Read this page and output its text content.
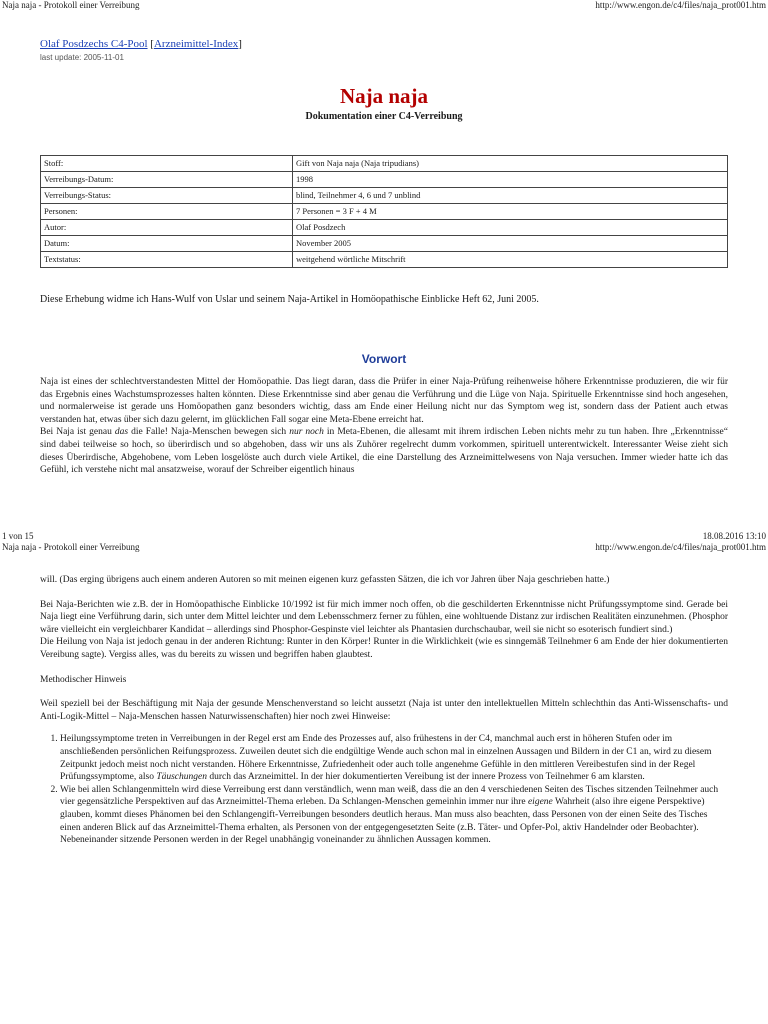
Naja naja - Protokoll einer Verreibung	http://www.engon.de/c4/files/naja_prot001.htm
Olaf Posdzechs C4-Pool [Arzneimittel-Index]
last update: 2005-11-01
Naja naja
Dokumentation einer C4-Verreibung
Stoff:	Gift von Naja naja (Naja tripudians)
Verreibungs-Datum:	1998
Verreibungs-Status:	blind, Teilnehmer 4, 6 und 7 unblind
Personen:	7 Personen = 3 F + 4 M
Autor:	Olaf Posdzech
Datum:	November 2005
Textstatus:	weitgehend wörtliche Mitschrift
Diese Erhebung widme ich Hans-Wulf von Uslar und seinem Naja-Artikel in Homöopathische Einblicke Heft 62, Juni 2005.
Vorwort

Naja ist eines der schlechtverstandesten Mittel der Homöopathie. Das liegt daran, dass die Prüfer in einer Naja-Prüfung reihenweise höhere Erkenntnisse produzieren, die wir für das Ergebnis eines Wachstumsprozesses halten könnten. Diese Erkenntnisse sind aber genau die Verführung und die Lüge von Naja. Spirituelle Erkenntnisse sind hoch angesehen, und normalerweise ist gerade uns Homöopathen ganz besonders wichtig, dass am Ende einer Heilung nicht nur das Symptom weg ist, sondern dass der Patient auch etwas verstanden hat, etwas über sich dazu gelernt, im glücklichen Fall sogar eine Meta-Ebene erreicht hat.

Bei Naja ist genau das die Falle! Naja-Menschen bewegen sich nur noch in Meta-Ebenen, die allesamt mit ihrem irdischen Leben nichts mehr zu tun haben. Ihre „Erkenntnisse“ sind dabei teilweise so hoch, so überirdisch und so abgehoben, dass wir uns als Zuhörer regelrecht dumm vorkommen, spirituell unterentwickelt. Interessanter Weise zieht sich dieses Überirdische, Abgehobene, vom Leben losgelöste auch durch viele Artikel, die eine Darstellung des Arzneimittelwesens von Naja versuchen. Immer wieder hatte ich das Gefühl, ich verstehe nicht mal ansatzweise, worauf der Schreiber eigentlich hinaus

1 von 15	18.08.2016 13:10
Naja naja - Protokoll einer Verreibung	http://www.engon.de/c4/files/naja_prot001.htm

will. (Das erging übrigens auch einem anderen Autoren so mit meinen eigenen kurz gefassten Sätzen, die ich vor Jahren über Naja geschrieben hatte.)

Bei Naja-Berichten wie z.B. der in Homöopathische Einblicke 10/1992 ist für mich immer noch offen, ob die geschilderten Erkenntnisse nicht Prüfungssymptome sind. Gerade bei Naja liegt eine Verführung darin, sich unter dem Mittel leichter und dem Lebensschmerz ferner zu fühlen, eine wohltuende Distanz zur irdischen Realitäten einzunehmen. (Phosphor wäre vielleicht ein vergleichbarer Kandidat – allerdings sind Phosphor-Gespinste viel leichter als Phantasien durchschaubar, weil sie nicht so esoterisch fundiert sind.)

Die Heilung von Naja ist jedoch genau in der anderen Richtung: Runter in den Körper! Runter in die Wirklichkeit (wie es sinngemäß Teilnehmer 6 am Ende der hier dokumentierten Vereibung sagte). Vergiss alles, was du bereits zu wissen und begriffen haben glaubtest.

Methodischer Hinweis

Weil speziell bei der Beschäftigung mit Naja der gesunde Menschenverstand so leicht aussetzt (Naja ist unter den intellektuellen Mitteln schlechthin das Anti-Wissenschafts- und Anti-Logik-Mittel – Naja-Menschen hassen Naturwissenschaften) hier noch zwei Hinweise:

1. Heilungssymptome treten in Verreibungen in der Regel erst am Ende des Prozesses auf, also frühestens in der C4, manchmal auch erst in höheren Stufen oder im anschließenden persönlichen Reifungsprozess. Zuweilen deutet sich die endgültige Wende auch schon mal in einzelnen Aussagen und Bildern in der C1 an, wird zu diesem Zeitpunkt jedoch meist noch nicht verstanden. Höhere Erkenntnisse, Zufriedenheit oder auch tolle angenehme Gefühle in den mittleren Vereibestufen sind in der Regel Prüfungssymptome, also Täuschungen durch das Arzneimittel. In der hier dokumentierten Vereibung ist der innere Prozess von Teilnehmer 6 am klarsten.
2. Wie bei allen Schlangenmitteln wird diese Verreibung erst dann verständlich, wenn man weiß, dass die an den 4 verschiedenen Seiten des Tisches sitzenden Teilnehmer auch vier gegensätzliche Perspektiven auf das Arzneimittel-Thema erleben. Da Schlangen-Menschen gemeinhin immer nur ihre eigene Wahrheit (also ihre eigene Perspektive) glauben, kommt dieses Phänomen bei den Schlangengift-Verreibungen besonders deutlich heraus. Man muss also beachten, dass Personen von der einen Seite des Tisches einen anderen Blick auf das Arzneimittel-Thema erhalten, als Personen von der entgegengesetzten Seite (z.B. Täter- und Opfer-Pol, aktiv Handelnder oder Beobachter). Nebeneinander sitzende Personen werden in der Regel unabhängig voneinander zu ähnlichen Aussagen kommen.
